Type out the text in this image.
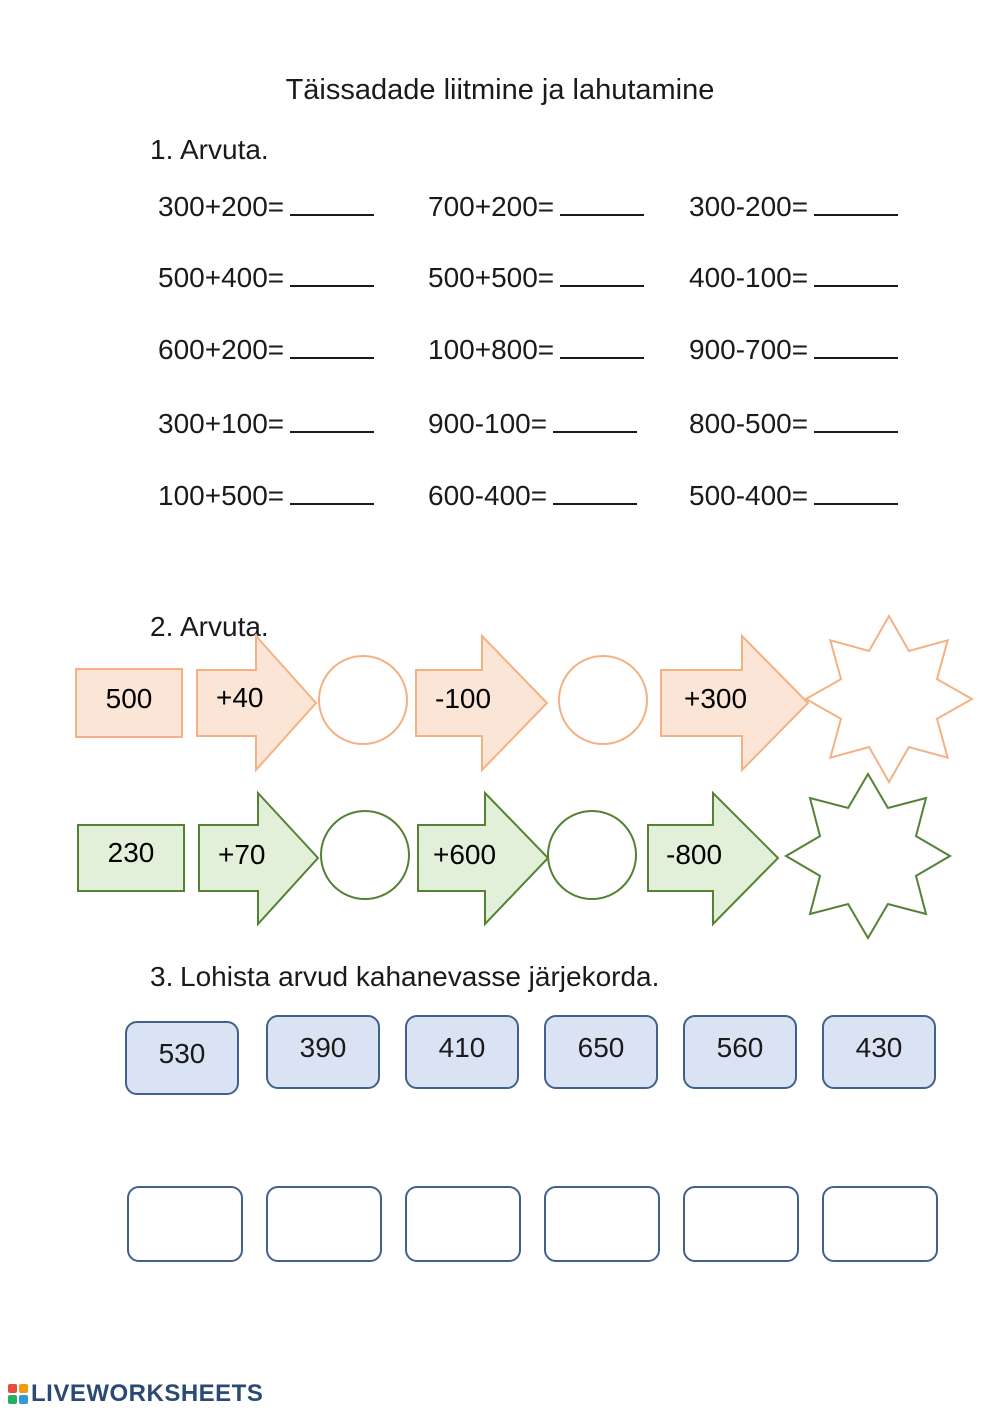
Täissadade liitmine ja lahutamine
1. Arvuta.
300+200=	700+200=	300-200=
500+400=	500+500=	400-100=
600+200=	100+800=	900-700=
300+100=	900-100=	800-500=
100+500=	600-400=	500-400=
2. Arvuta.
500 +40	-100	+300
230 +70	+600	-800
3. Lohista arvud kahanevasse järjekorda.
530	390	410	650	560	430
LIVEWORKSHEETS
